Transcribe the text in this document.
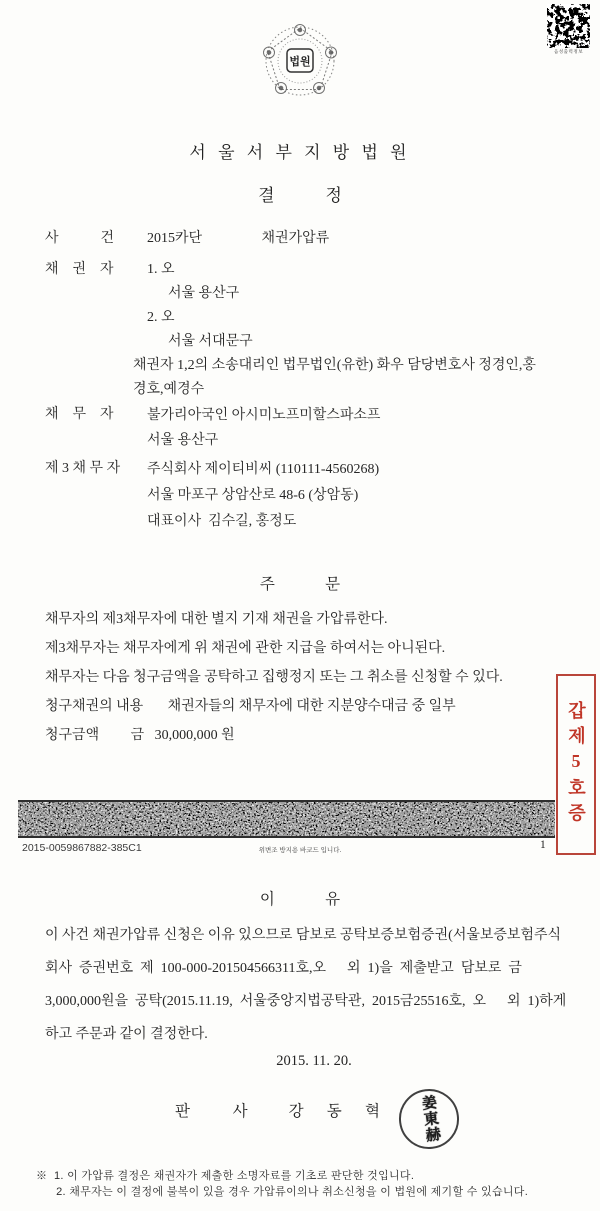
법원
음성출력정보
서 울 서 부 지 방 법 원
결            정
사            건	2015카단                 채권가압류
채    권    자	1. 오
서울 용산구
2. 오
서울 서대문구
채권자 1,2의 소송대리인 법무법인(유한) 화우 담당변호사 정경인,홍
경호,예경수
채    무    자	불가리아국인 아시미노프미할스파소프
서울 용산구
제 3 채 무 자	주식회사 제이티비씨 (110111-4560268)
서울 마포구 상암산로 48-6 (상암동)
대표이사  김수길, 홍정도
주             문
채무자의 제3채무자에 대한 별지 기재 채권을 가압류한다.
제3채무자는 채무자에게 위 채권에 관한 지급을 하여서는 아니된다.
채무자는 다음 청구금액을 공탁하고 집행정지 또는 그 취소를 신청할 수 있다.
청구채권의 내용       채권자들의 채무자에 대한 지분양수대금 중 일부
청구금액         금   30,000,000 원	갑제5호증
2015-0059867882-385C1	위변조 방지용 바코드 입니다.	1
이             유
이 사건 채권가압류 신청은 이유 있으므로 담보로 공탁보증보험증권(서울보증보험주식
회사  증권번호  제  100-000-201504566311호,오      외  1)을  제출받고  담보로  금
3,000,000원을  공탁(2015.11.19,  서울중앙지법공탁관,  2015금25516호,  오      외  1)하게
하고 주문과 같이 결정한다.
2015. 11. 20.
판           사	강      동      혁	姜東赫
※  1. 이 가압류 결정은 채권자가 제출한 소명자료를 기초로 판단한 것입니다.
2. 채무자는 이 결정에 불복이 있을 경우 가압류이의나 취소신청을 이 법원에 제기할 수 있습니다.
